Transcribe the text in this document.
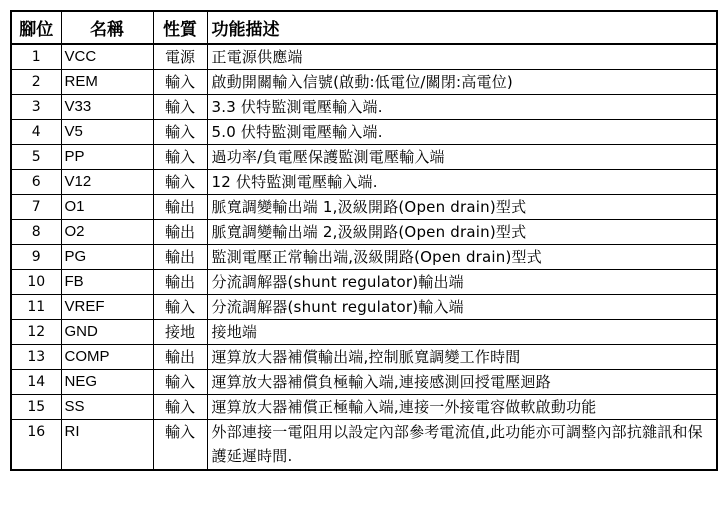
腳位	名稱	性質	功能描述
1	VCC	電源	正電源供應端
2	REM	輸入	啟動開關輸入信號(啟動:低電位/關閉:高電位)
3	V33	輸入	3.3 伏特監測電壓輸入端.
4	V5	輸入	5.0 伏特監測電壓輸入端.
5	PP	輸入	過功率/負電壓保護監測電壓輸入端
6	V12	輸入	12 伏特監測電壓輸入端.
7	O1	輸出	脈寬調變輸出端 1,汲級開路(Open drain)型式
8	O2	輸出	脈寬調變輸出端 2,汲級開路(Open drain)型式
9	PG	輸出	監測電壓正常輸出端,汲級開路(Open drain)型式
10	FB	輸出	分流調解器(shunt regulator)輸出端
11	VREF	輸入	分流調解器(shunt regulator)輸入端
12	GND	接地	接地端
13	COMP	輸出	運算放大器補償輸出端,控制脈寬調變工作時間
14	NEG	輸入	運算放大器補償負極輸入端,連接感測回授電壓迴路
15	SS	輸入	運算放大器補償正極輸入端,連接一外接電容做軟啟動功能
16	RI	輸入	外部連接一電阻用以設定內部參考電流值,此功能亦可調整內部抗雜訊和保護延遲時間.
